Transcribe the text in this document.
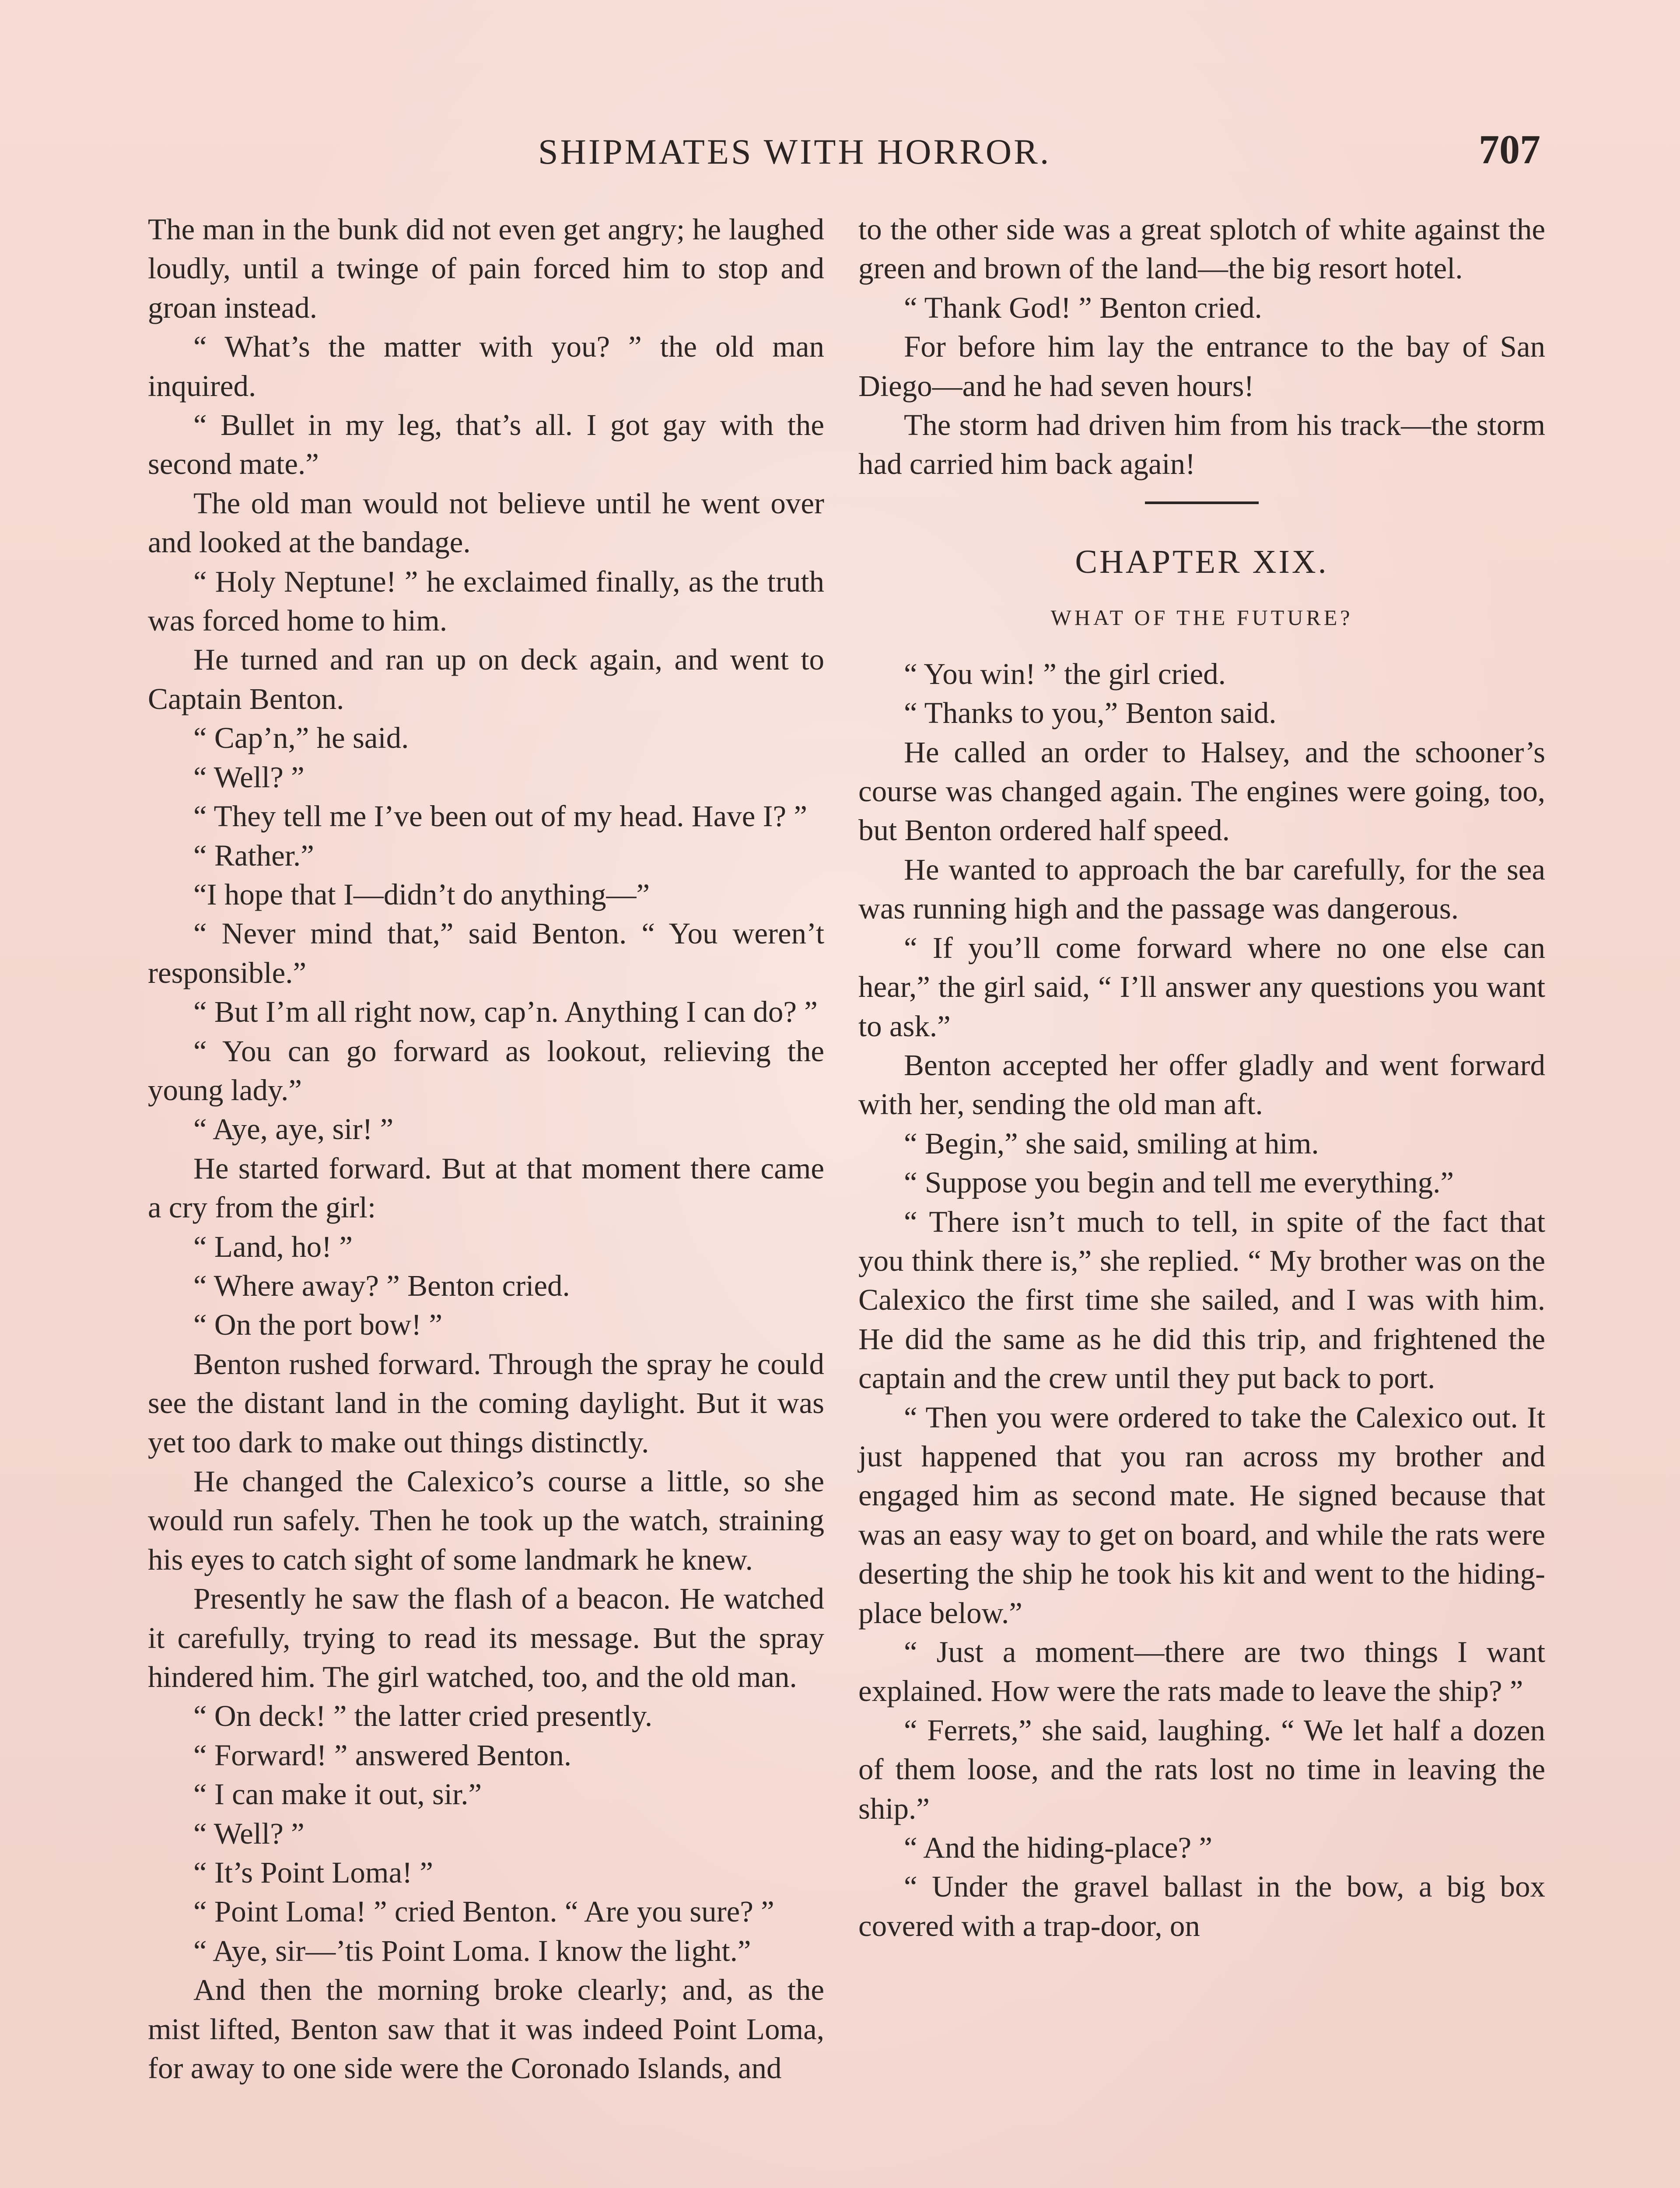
SHIPMATES WITH HORROR.	707

The man in the bunk did not even get angry; he laughed loudly, until a twinge of pain forced him to stop and groan instead.

“ What’s the matter with you? ” the old man inquired.

“ Bullet in my leg, that’s all. I got gay with the second mate.”

The old man would not believe until he went over and looked at the bandage.

“ Holy Neptune! ” he exclaimed finally, as the truth was forced home to him.

He turned and ran up on deck again, and went to Captain Benton.

“ Cap’n,” he said.

“ Well? ”

“ They tell me I’ve been out of my head. Have I? ”

“ Rather.”

“I hope that I—didn’t do anything—”

“ Never mind that,” said Benton. “ You weren’t responsible.”

“ But I’m all right now, cap’n. Anything I can do? ”

“ You can go forward as lookout, relieving the young lady.”

“ Aye, aye, sir! ”

He started forward. But at that moment there came a cry from the girl:

“ Land, ho! ”

“ Where away? ” Benton cried.

“ On the port bow! ”

Benton rushed forward. Through the spray he could see the distant land in the coming daylight. But it was yet too dark to make out things distinctly.

He changed the Calexico’s course a little, so she would run safely. Then he took up the watch, straining his eyes to catch sight of some landmark he knew.

Presently he saw the flash of a beacon. He watched it carefully, trying to read its message. But the spray hindered him. The girl watched, too, and the old man.

“ On deck! ” the latter cried presently.

“ Forward! ” answered Benton.

“ I can make it out, sir.”

“ Well? ”

“ It’s Point Loma! ”

“ Point Loma! ” cried Benton. “ Are you sure? ”

“ Aye, sir—’tis Point Loma. I know the light.”

And then the morning broke clearly; and, as the mist lifted, Benton saw that it was indeed Point Loma, for away to one side were the Coronado Islands, and

to the other side was a great splotch of white against the green and brown of the land—the big resort hotel.

“ Thank God! ” Benton cried.

For before him lay the entrance to the bay of San Diego—and he had seven hours!

The storm had driven him from his track—the storm had carried him back again!

CHAPTER XIX.
WHAT OF THE FUTURE?

“ You win! ” the girl cried.

“ Thanks to you,” Benton said.

He called an order to Halsey, and the schooner’s course was changed again. The engines were going, too, but Benton ordered half speed.

He wanted to approach the bar carefully, for the sea was running high and the passage was dangerous.

“ If you’ll come forward where no one else can hear,” the girl said, “ I’ll answer any questions you want to ask.”

Benton accepted her offer gladly and went forward with her, sending the old man aft.

“ Begin,” she said, smiling at him.

“ Suppose you begin and tell me everything.”

“ There isn’t much to tell, in spite of the fact that you think there is,” she replied. “ My brother was on the Calexico the first time she sailed, and I was with him. He did the same as he did this trip, and frightened the captain and the crew until they put back to port.

“ Then you were ordered to take the Calexico out. It just happened that you ran across my brother and engaged him as second mate. He signed because that was an easy way to get on board, and while the rats were deserting the ship he took his kit and went to the hiding-place below.”

“ Just a moment—there are two things I want explained. How were the rats made to leave the ship? ”

“ Ferrets,” she said, laughing. “ We let half a dozen of them loose, and the rats lost no time in leaving the ship.”

“ And the hiding-place? ”

“ Under the gravel ballast in the bow, a big box covered with a trap-door, on
